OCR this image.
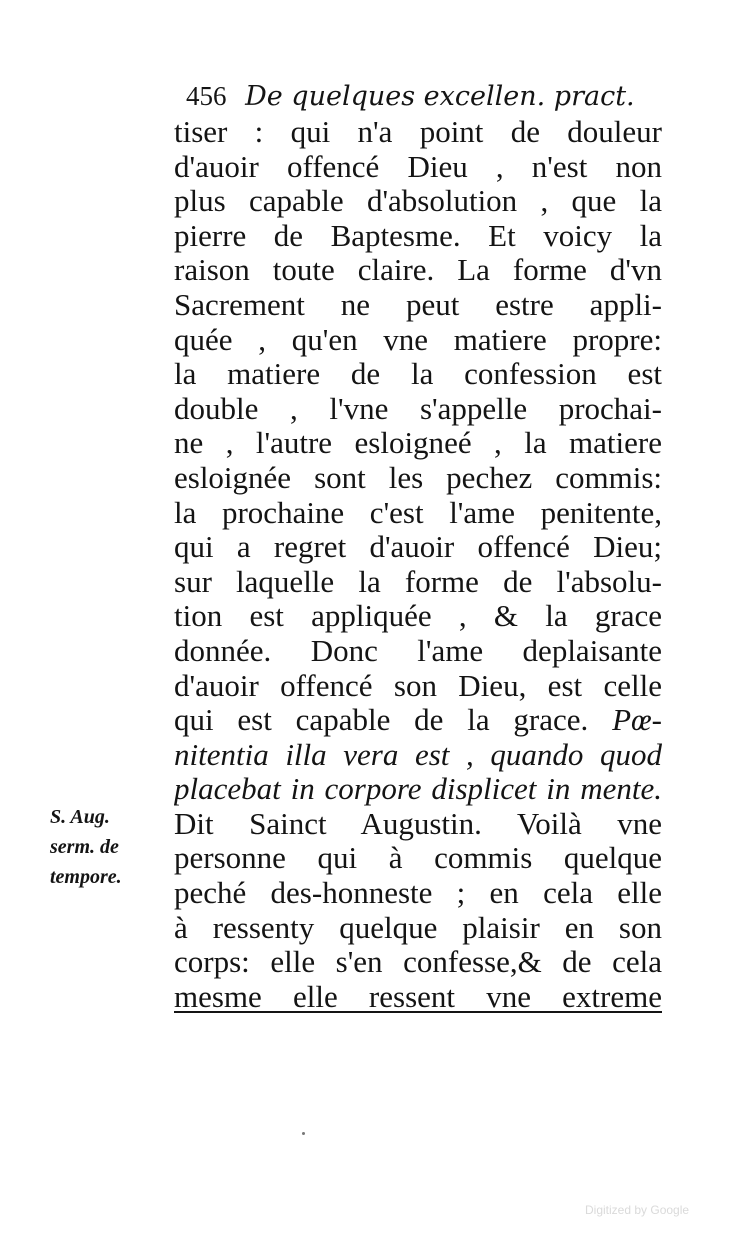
456 De quelques excellen. pract.
tiser : qui n'a point de douleur
d'auoir offencé Dieu , n'est non
plus capable d'absolution , que la
pierre de Baptesme. Et voicy la
raison toute claire. La forme d'vn
Sacrement ne peut estre appli-
quée , qu'en vne matiere propre:
la matiere de la confession est
double , l'vne s'appelle prochai-
ne , l'autre esloigneé , la matiere
esloignée sont les pechez commis:
la prochaine c'est l'ame penitente,
qui a regret d'auoir offencé Dieu;
sur laquelle la forme de l'absolu-
tion est appliquée , & la grace
donnée. Donc l'ame deplaisante
d'auoir offencé son Dieu, est celle
qui est capable de la grace. Pœ-
nitentia illa vera est , quando quod
placebat in corpore displicet in mente.
Dit Sainct Augustin. Voilà vne
personne qui à commis quelque
peché des-honneste ; en cela elle
à ressenty quelque plaisir en son
corps: elle s'en confesse,& de cela
mesme elle ressent vne extreme
S. Aug.
serm. de
tempore.
Digitized by Google
